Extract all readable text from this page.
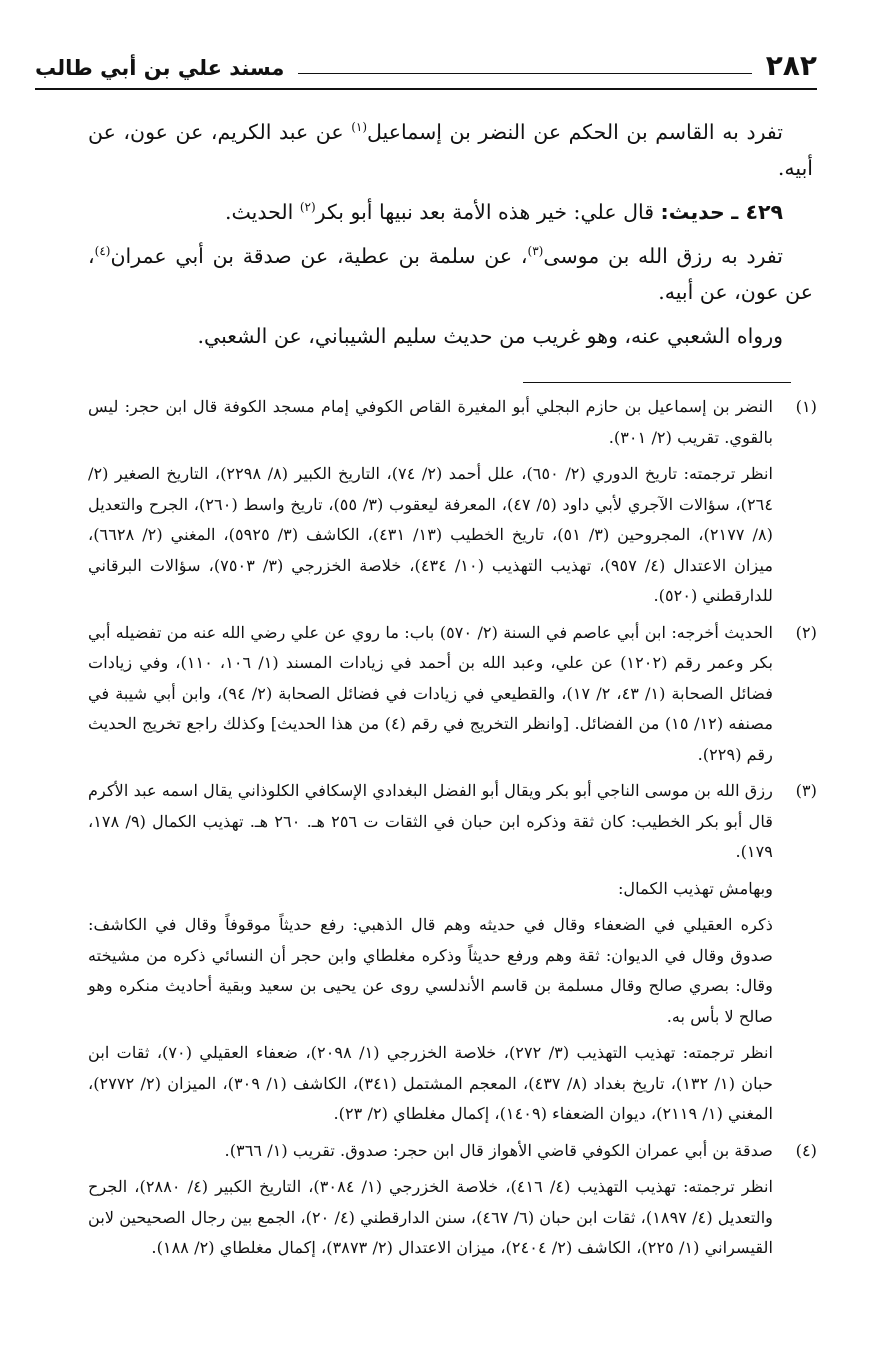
٢٨٢
مسند علي بن أبي طالب

تفرد به القاسم بن الحكم عن النضر بن إسماعيل$^{(١)}$ عن عبد الكريم، عن عون، عن أبيه.

٤٢٩ ـ حديث: قال علي: خير هذه الأمة بعد نبيها أبو بكر$^{(٢)}$ الحديث.

تفرد به رزق الله بن موسى$^{(٣)}$، عن سلمة بن عطية، عن صدقة بن أبي عمران$^{(٤)}$، عن عون، عن أبيه.

ورواه الشعبي عنه، وهو غريب من حديث سليم الشيباني، عن الشعبي.

(١)

النضر بن إسماعيل بن حازم البجلي أبو المغيرة القاص الكوفي إمام مسجد الكوفة قال ابن حجر: ليس بالقوي. تقريب (٢/ ٣٠١).

انظر ترجمته: تاريخ الدوري (٢/ ٦٥٠)، علل أحمد (٢/ ٧٤)، التاريخ الكبير (٨/ ٢٢٩٨)، التاريخ الصغير (٢/ ٢٦٤)، سؤالات الآجري لأبي داود (٥/ ٤٧)، المعرفة ليعقوب (٣/ ٥٥)، تاريخ واسط (٢٦٠)، الجرح والتعديل (٨/ ٢١٧٧)، المجروحين (٣/ ٥١)، تاريخ الخطيب (١٣/ ٤٣١)، الكاشف (٣/ ٥٩٢٥)، المغني (٢/ ٦٦٢٨)، ميزان الاعتدال (٤/ ٩٥٧)، تهذيب التهذيب (١٠/ ٤٣٤)، خلاصة الخزرجي (٣/ ٧٥٠٣)، سؤالات البرقاني للدارقطني (٥٢٠).

(٢)

الحديث أخرجه: ابن أبي عاصم في السنة (٢/ ٥٧٠) باب: ما روي عن علي رضي الله عنه من تفضيله أبي بكر وعمر رقم (١٢٠٢) عن علي، وعبد الله بن أحمد في زيادات المسند (١/ ١٠٦، ١١٠)، وفي زيادات فضائل الصحابة (١/ ٤٣، ٢/ ١٧)، والقطيعي في زيادات في فضائل الصحابة (٢/ ٩٤)، وابن أبي شيبة في مصنفه (١٢/ ١٥) من الفضائل. [وانظر التخريج في رقم (٤) من هذا الحديث] وكذلك راجع تخريج الحديث رقم (٢٢٩).

(٣)

رزق الله بن موسى الناجي أبو بكر ويقال أبو الفضل البغدادي الإسكافي الكلوذاني يقال اسمه عبد الأكرم قال أبو بكر الخطيب: كان ثقة وذكره ابن حبان في الثقات ت ٢٥٦ هـ. ٢٦٠ هـ. تهذيب الكمال (٩/ ١٧٨، ١٧٩).

وبهامش تهذيب الكمال:

ذكره العقيلي في الضعفاء وقال في حديثه وهم قال الذهبي: رفع حديثاً موقوفاً وقال في الكاشف: صدوق وقال في الديوان: ثقة وهم ورفع حديثاً وذكره مغلطاي وابن حجر أن النسائي ذكره من مشيخته وقال: بصري صالح وقال مسلمة بن قاسم الأندلسي روى عن يحيى بن سعيد وبقية أحاديث منكره وهو صالح لا بأس به.

انظر ترجمته: تهذيب التهذيب (٣/ ٢٧٢)، خلاصة الخزرجي (١/ ٢٠٩٨)، ضعفاء العقيلي (٧٠)، ثقات ابن حبان (١/ ١٣٢)، تاريخ بغداد (٨/ ٤٣٧)، المعجم المشتمل (٣٤١)، الكاشف (١/ ٣٠٩)، الميزان (٢/ ٢٧٧٢)، المغني (١/ ٢١١٩)، ديوان الضعفاء (١٤٠٩)، إكمال مغلطاي (٢/ ٢٣).

(٤)

صدقة بن أبي عمران الكوفي قاضي الأهواز قال ابن حجر: صدوق. تقريب (١/ ٣٦٦).

انظر ترجمته: تهذيب التهذيب (٤/ ٤١٦)، خلاصة الخزرجي (١/ ٣٠٨٤)، التاريخ الكبير (٤/ ٢٨٨٠)، الجرح والتعديل (٤/ ١٨٩٧)، ثقات ابن حبان (٦/ ٤٦٧)، سنن الدارقطني (٤/ ٢٠)، الجمع بين رجال الصحيحين لابن القيسراني (١/ ٢٢٥)، الكاشف (٢/ ٢٤٠٤)، ميزان الاعتدال (٢/ ٣٨٧٣)، إكمال مغلطاي (٢/ ١٨٨).
